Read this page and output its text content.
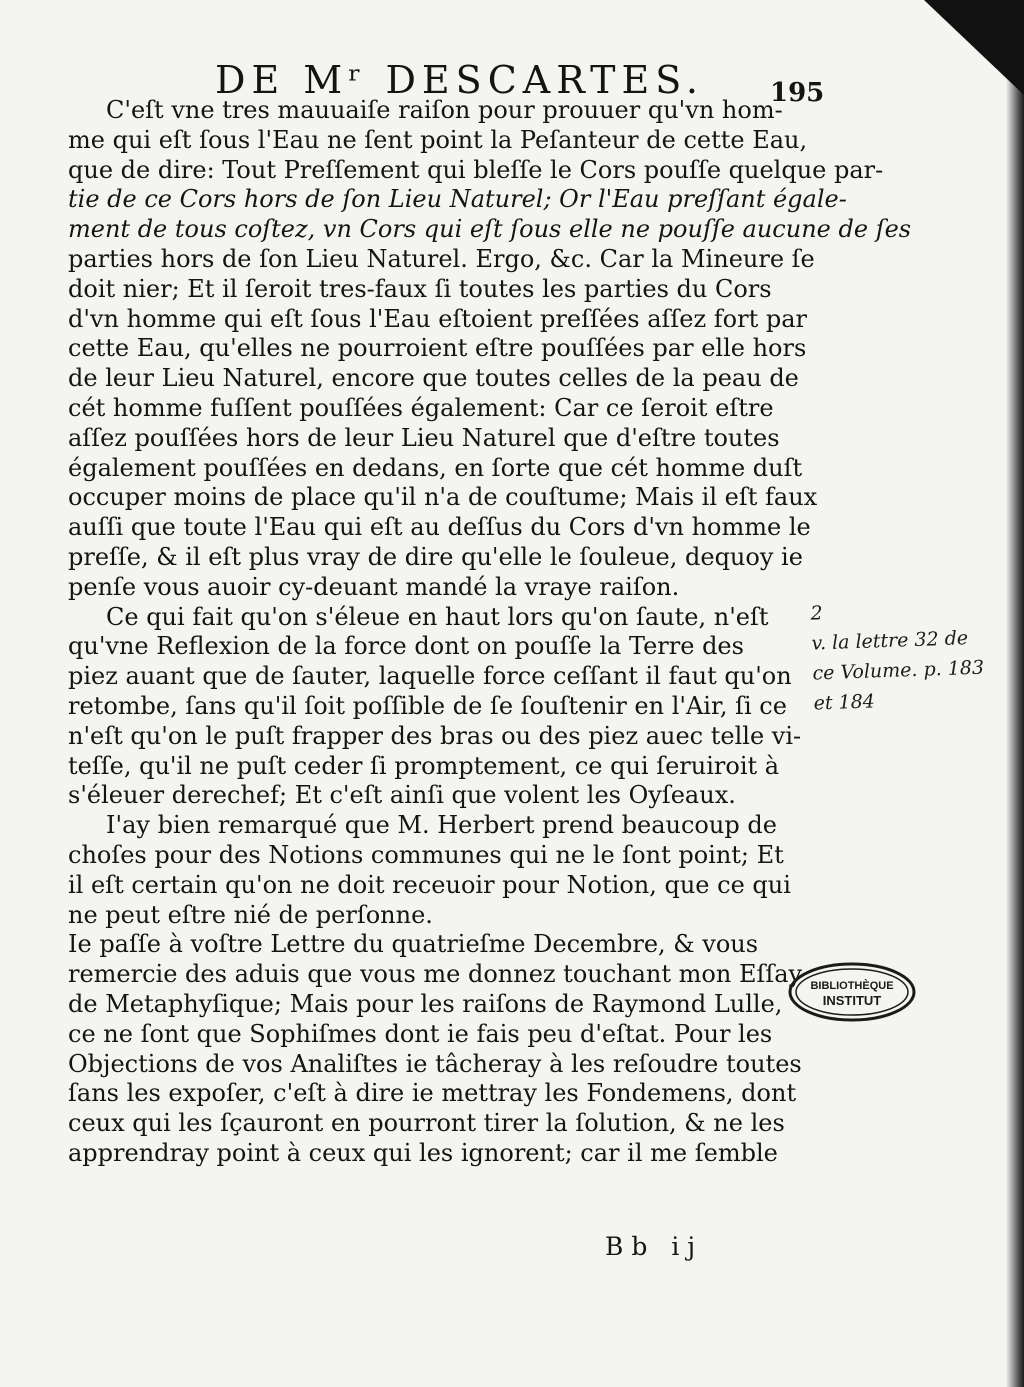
DE Mʳ DESCARTES.	195
C'eſt vne tres mauuaiſe raiſon pour prouuer qu'vn hom-
me qui eſt ſous l'Eau ne ſent point la Peſanteur de cette Eau,
que de dire: Tout Preſſement qui bleſſe le Cors pouſſe quelque par-
tie de ce Cors hors de ſon Lieu Naturel; Or l'Eau preſſant égale-
ment de tous coſtez, vn Cors qui eſt ſous elle ne pouſſe aucune de ſes
parties hors de ſon Lieu Naturel. Ergo, &c. Car la Mineure ſe
doit nier; Et il ſeroit tres-faux ſi toutes les parties du Cors
d'vn homme qui eſt ſous l'Eau eſtoient preſſées aſſez fort par
cette Eau, qu'elles ne pourroient eſtre pouſſées par elle hors
de leur Lieu Naturel, encore que toutes celles de la peau de
cét homme fuſſent pouſſées également: Car ce ſeroit eſtre
aſſez pouſſées hors de leur Lieu Naturel que d'eſtre toutes
également pouſſées en dedans, en ſorte que cét homme duſt
occuper moins de place qu'il n'a de couſtume; Mais il eſt faux
auſſi que toute l'Eau qui eſt au deſſus du Cors d'vn homme le
preſſe, & il eſt plus vray de dire qu'elle le ſouleue, dequoy ie
penſe vous auoir cy-deuant mandé la vraye raiſon.
Ce qui fait qu'on s'éleue en haut lors qu'on ſaute, n'eſt
qu'vne Reflexion de la force dont on pouſſe la Terre des
piez auant que de ſauter, laquelle force ceſſant il faut qu'on
retombe, ſans qu'il ſoit poſſible de ſe ſouſtenir en l'Air, ſi ce
n'eſt qu'on le puſt frapper des bras ou des piez auec telle vi-
teſſe, qu'il ne puſt ceder ſi promptement, ce qui ſeruiroit à
s'éleuer derechef; Et c'eſt ainſi que volent les Oyſeaux.
I'ay bien remarqué que M. Herbert prend beaucoup de
choſes pour des Notions communes qui ne le ſont point; Et
il eſt certain qu'on ne doit receuoir pour Notion, que ce qui
ne peut eſtre nié de perſonne.
Ie paſſe à voſtre Lettre du quatrieſme Decembre, & vous
remercie des aduis que vous me donnez touchant mon Eſſay
de Metaphyſique; Mais pour les raiſons de Raymond Lulle,
ce ne ſont que Sophiſmes dont ie fais peu d'eſtat. Pour les
Objections de vos Analiſtes ie tâcheray à les reſoudre toutes
ſans les expoſer, c'eſt à dire ie mettray les Fondemens, dont
ceux qui les ſçauront en pourront tirer la ſolution, & ne les
apprendray point à ceux qui les ignorent; car il me ſemble
Bb ij
2
v. la lettre 32 de
ce Volume. p. 183
et 184
BIBLIOTHÈQUE
INSTITUT
